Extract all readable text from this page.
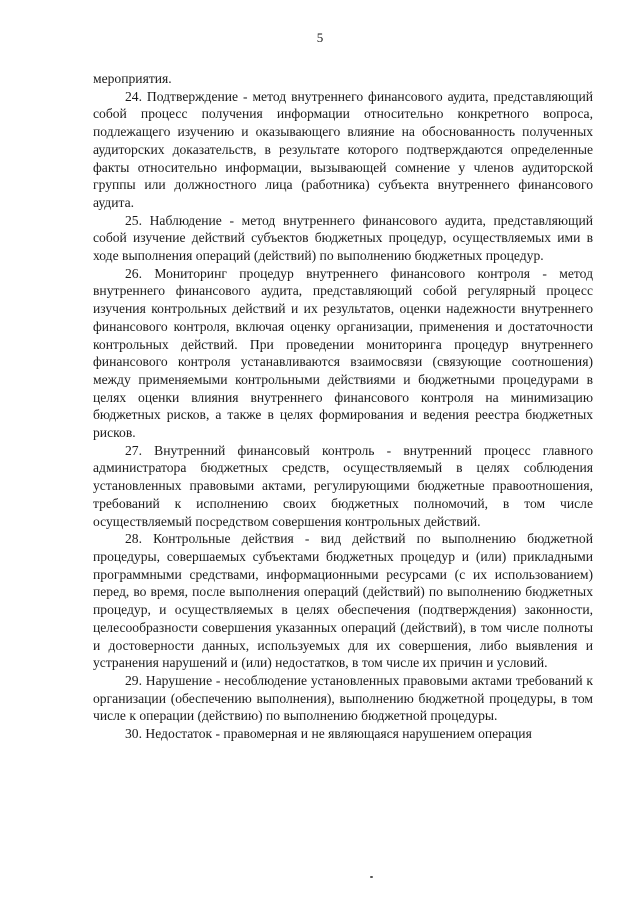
5

мероприятия.

24. Подтверждение - метод внутреннего финансового аудита, представляющий собой процесс получения информации относительно конкретного вопроса, подлежащего изучению и оказывающего влияние на обоснованность полученных аудиторских доказательств, в результате которого подтверждаются определенные факты относительно информации, вызывающей сомнение у членов аудиторской группы или должностного лица (работника) субъекта внутреннего финансового аудита.

25. Наблюдение - метод внутреннего финансового аудита, представляющий собой изучение действий субъектов бюджетных процедур, осуществляемых ими в ходе выполнения операций (действий) по выполнению бюджетных процедур.

26. Мониторинг процедур внутреннего финансового контроля - метод внутреннего финансового аудита, представляющий собой регулярный процесс изучения контрольных действий и их результатов, оценки надежности внутреннего финансового контроля, включая оценку организации, применения и достаточности контрольных действий. При проведении мониторинга процедур внутреннего финансового контроля устанавливаются взаимосвязи (связующие соотношения) между применяемыми контрольными действиями и бюджетными процедурами в целях оценки влияния внутреннего финансового контроля на минимизацию бюджетных рисков, а также в целях формирования и ведения реестра бюджетных рисков.

27. Внутренний финансовый контроль - внутренний процесс главного администратора бюджетных средств, осуществляемый в целях соблюдения установленных правовыми актами, регулирующими бюджетные правоотношения, требований к исполнению своих бюджетных полномочий, в том числе осуществляемый посредством совершения контрольных действий.

28. Контрольные действия - вид действий по выполнению бюджетной процедуры, совершаемых субъектами бюджетных процедур и (или) прикладными программными средствами, информационными ресурсами (с их использованием) перед, во время, после выполнения операций (действий) по выполнению бюджетных процедур, и осуществляемых в целях обеспечения (подтверждения) законности, целесообразности совершения указанных операций (действий), в том числе полноты и достоверности данных, используемых для их совершения, либо выявления и устранения нарушений и (или) недостатков, в том числе их причин и условий.

29. Нарушение - несоблюдение установленных правовыми актами требований к организации (обеспечению выполнения), выполнению бюджетной процедуры, в том числе к операции (действию) по выполнению бюджетной процедуры.

30. Недостаток - правомерная и не являющаяся нарушением операция
